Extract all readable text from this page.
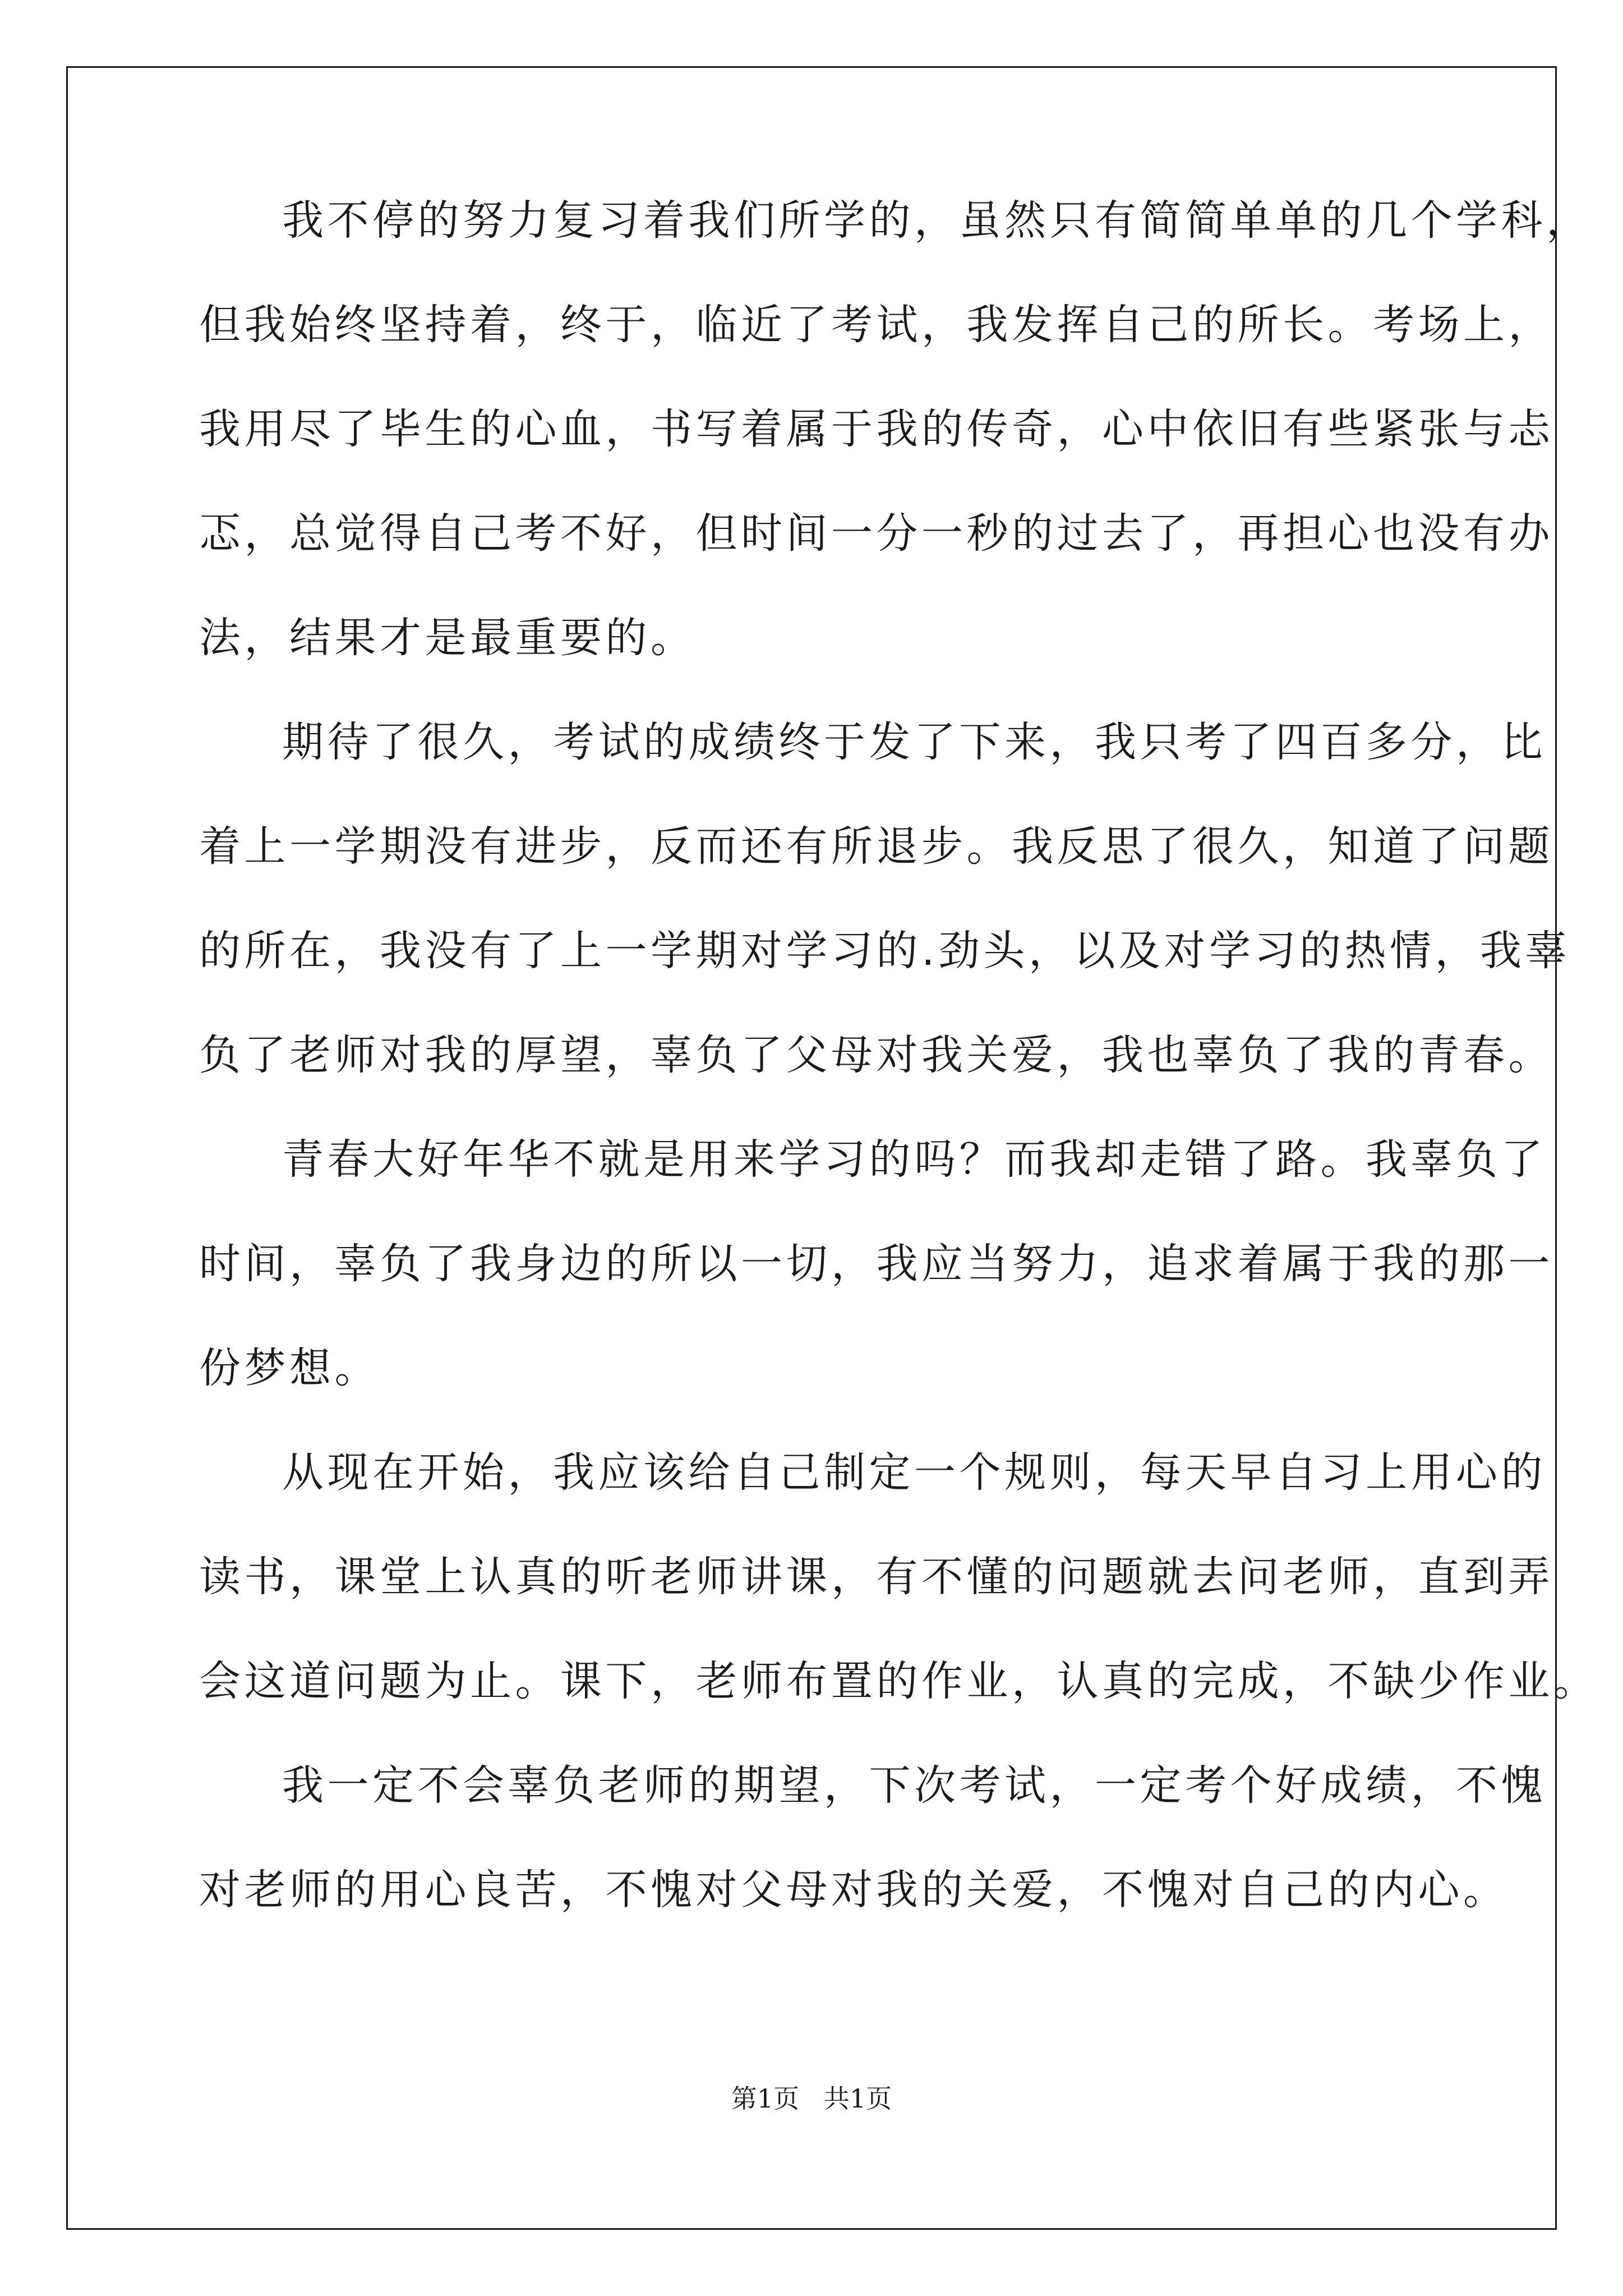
我不停的努力复习着我们所学的，虽然只有简简单单的几个学科，
但我始终坚持着，终于，临近了考试，我发挥自己的所长。考场上，
我用尽了毕生的心血，书写着属于我的传奇，心中依旧有些紧张与忐
忑，总觉得自己考不好，但时间一分一秒的过去了，再担心也没有办
法，结果才是最重要的。
期待了很久，考试的成绩终于发了下来，我只考了四百多分，比
着上一学期没有进步，反而还有所退步。我反思了很久，知道了问题
的所在，我没有了上一学期对学习的.劲头，以及对学习的热情，我辜
负了老师对我的厚望，辜负了父母对我关爱，我也辜负了我的青春。
青春大好年华不就是用来学习的吗？而我却走错了路。我辜负了
时间，辜负了我身边的所以一切，我应当努力，追求着属于我的那一
份梦想。
从现在开始，我应该给自己制定一个规则，每天早自习上用心的
读书，课堂上认真的听老师讲课，有不懂的问题就去问老师，直到弄
会这道问题为止。课下，老师布置的作业，认真的完成，不缺少作业。
我一定不会辜负老师的期望，下次考试，一定考个好成绩，不愧
对老师的用心良苦，不愧对父母对我的关爱，不愧对自己的内心。
第1页   共1页
